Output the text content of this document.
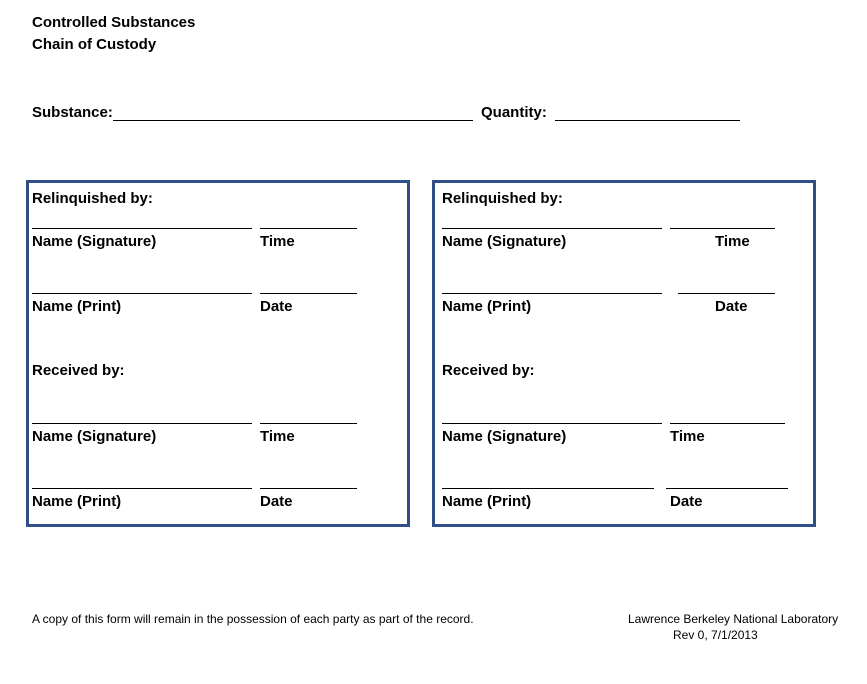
Controlled Substances
Chain of Custody
Substance:	Quantity:
Relinquished by:
Name (Signature)	Time
Name (Print)	Date
Received by:
Name (Signature)	Time
Name (Print)	Date
Relinquished by:
Name (Signature)	Time
Name (Print)	Date
Received by:
Name (Signature)	Time
Name (Print)	Date
A copy of this form will remain in the possession of each party as part of the record.	Lawrence Berkeley National Laboratory
Rev 0, 7/1/2013
